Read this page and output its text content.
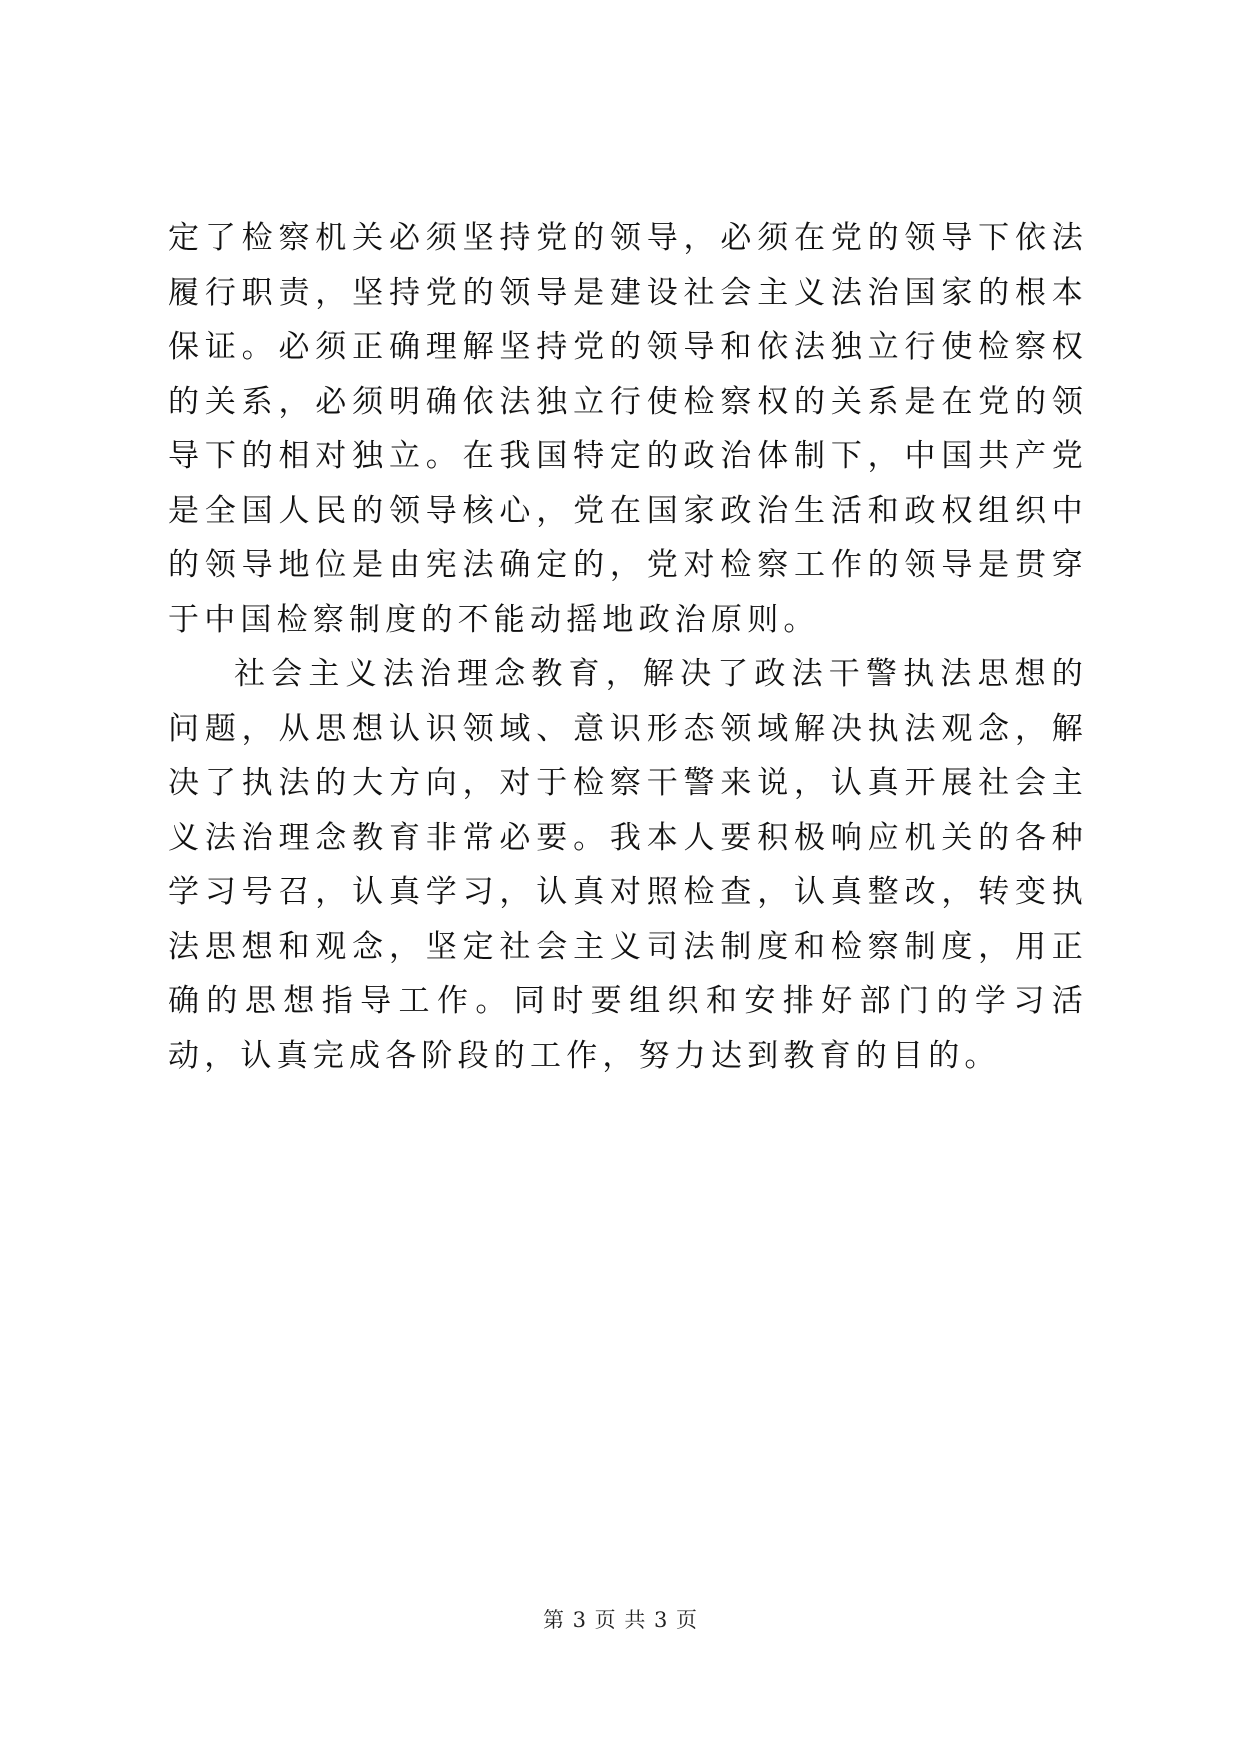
定了检察机关必须坚持党的领导，必须在党的领导下依法履行职责，坚持党的领导是建设社会主义法治国家的根本保证。必须正确理解坚持党的领导和依法独立行使检察权的关系，必须明确依法独立行使检察权的关系是在党的领导下的相对独立。在我国特定的政治体制下，中国共产党是全国人民的领导核心，党在国家政治生活和政权组织中的领导地位是由宪法确定的，党对检察工作的领导是贯穿于中国检察制度的不能动摇地政治原则。

社会主义法治理念教育，解决了政法干警执法思想的问题，从思想认识领域、意识形态领域解决执法观念，解决了执法的大方向，对于检察干警来说，认真开展社会主义法治理念教育非常必要。我本人要积极响应机关的各种学习号召，认真学习，认真对照检查，认真整改，转变执法思想和观念，坚定社会主义司法制度和检察制度，用正确的思想指导工作。同时要组织和安排好部门的学习活动，认真完成各阶段的工作，努力达到教育的目的。

第 3 页 共 3 页
